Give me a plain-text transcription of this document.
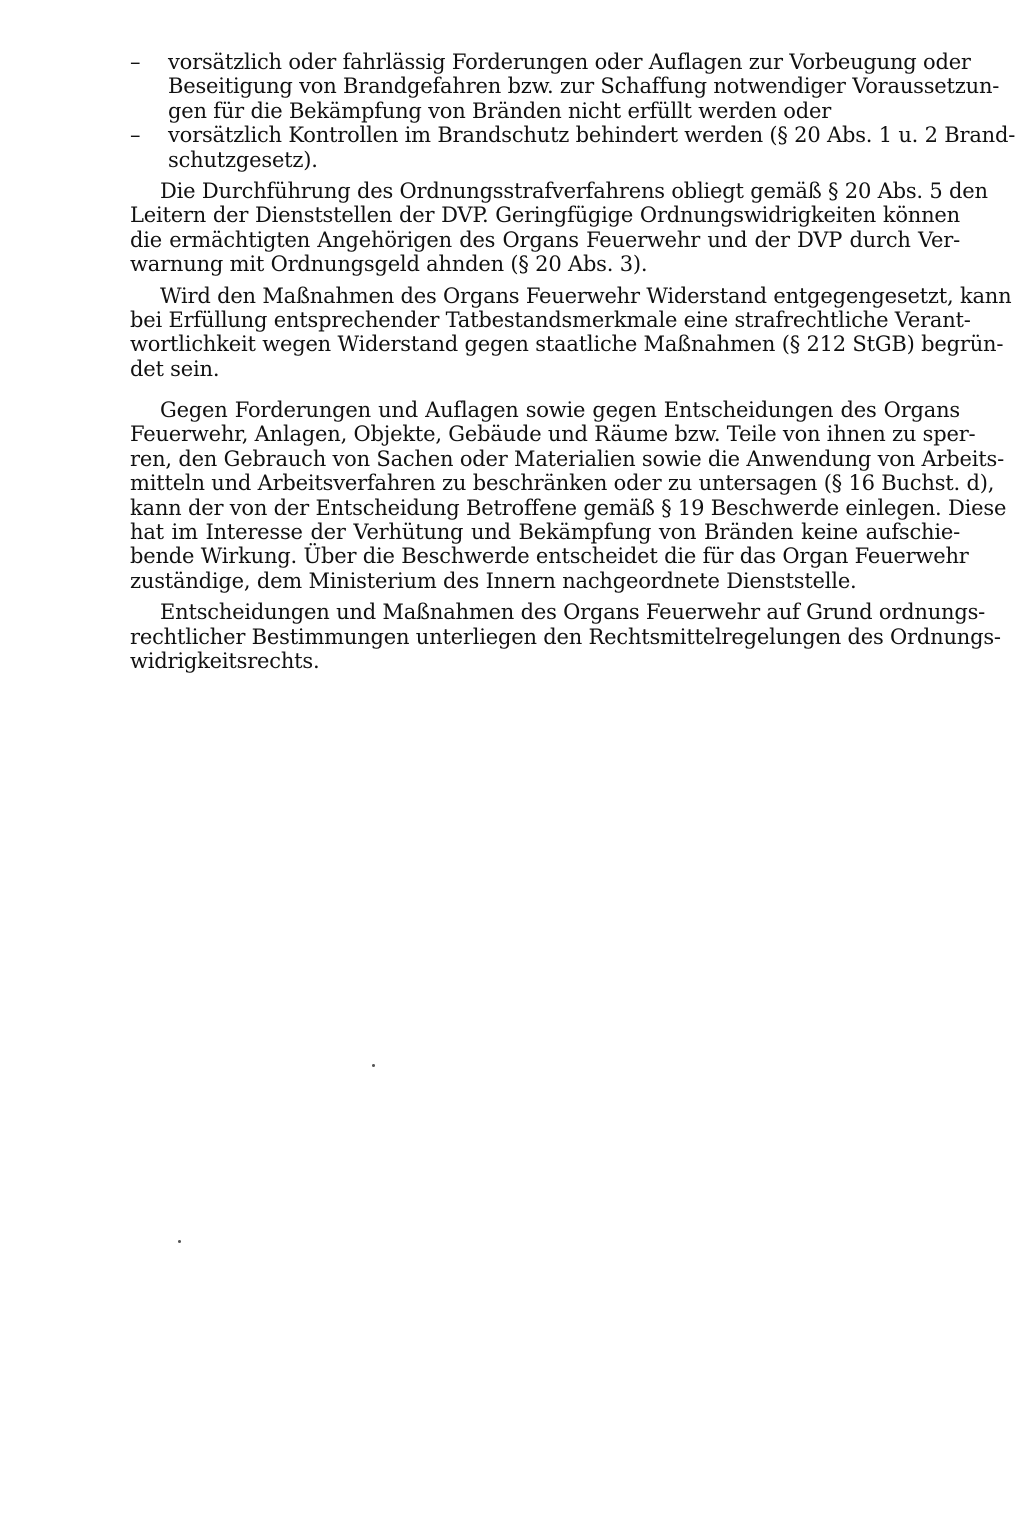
– vorsätzlich oder fahrlässig Forderungen oder Auflagen zur Vorbeugung oder
Beseitigung von Brandgefahren bzw. zur Schaffung notwendiger Voraussetzun-
gen für die Bekämpfung von Bränden nicht erfüllt werden oder
– vorsätzlich Kontrollen im Brandschutz behindert werden (§ 20 Abs. 1 u. 2 Brand-
schutzgesetz).
Die Durchführung des Ordnungsstrafverfahrens obliegt gemäß § 20 Abs. 5 den
Leitern der Dienststellen der DVP. Geringfügige Ordnungswidrigkeiten können
die ermächtigten Angehörigen des Organs Feuerwehr und der DVP durch Ver-
warnung mit Ordnungsgeld ahnden (§ 20 Abs. 3).
Wird den Maßnahmen des Organs Feuerwehr Widerstand entgegengesetzt, kann
bei Erfüllung entsprechender Tatbestandsmerkmale eine strafrechtliche Verant-
wortlichkeit wegen Widerstand gegen staatliche Maßnahmen (§ 212 StGB) begrün-
det sein.
Gegen Forderungen und Auflagen sowie gegen Entscheidungen des Organs
Feuerwehr, Anlagen, Objekte, Gebäude und Räume bzw. Teile von ihnen zu sper-
ren, den Gebrauch von Sachen oder Materialien sowie die Anwendung von Arbeits-
mitteln und Arbeitsverfahren zu beschränken oder zu untersagen (§ 16 Buchst. d),
kann der von der Entscheidung Betroffene gemäß § 19 Beschwerde einlegen. Diese
hat im Interesse der Verhütung und Bekämpfung von Bränden keine aufschie-
bende Wirkung. Über die Beschwerde entscheidet die für das Organ Feuerwehr
zuständige, dem Ministerium des Innern nachgeordnete Dienststelle.
Entscheidungen und Maßnahmen des Organs Feuerwehr auf Grund ordnungs-
rechtlicher Bestimmungen unterliegen den Rechtsmittelregelungen des Ordnungs-
widrigkeitsrechts.
